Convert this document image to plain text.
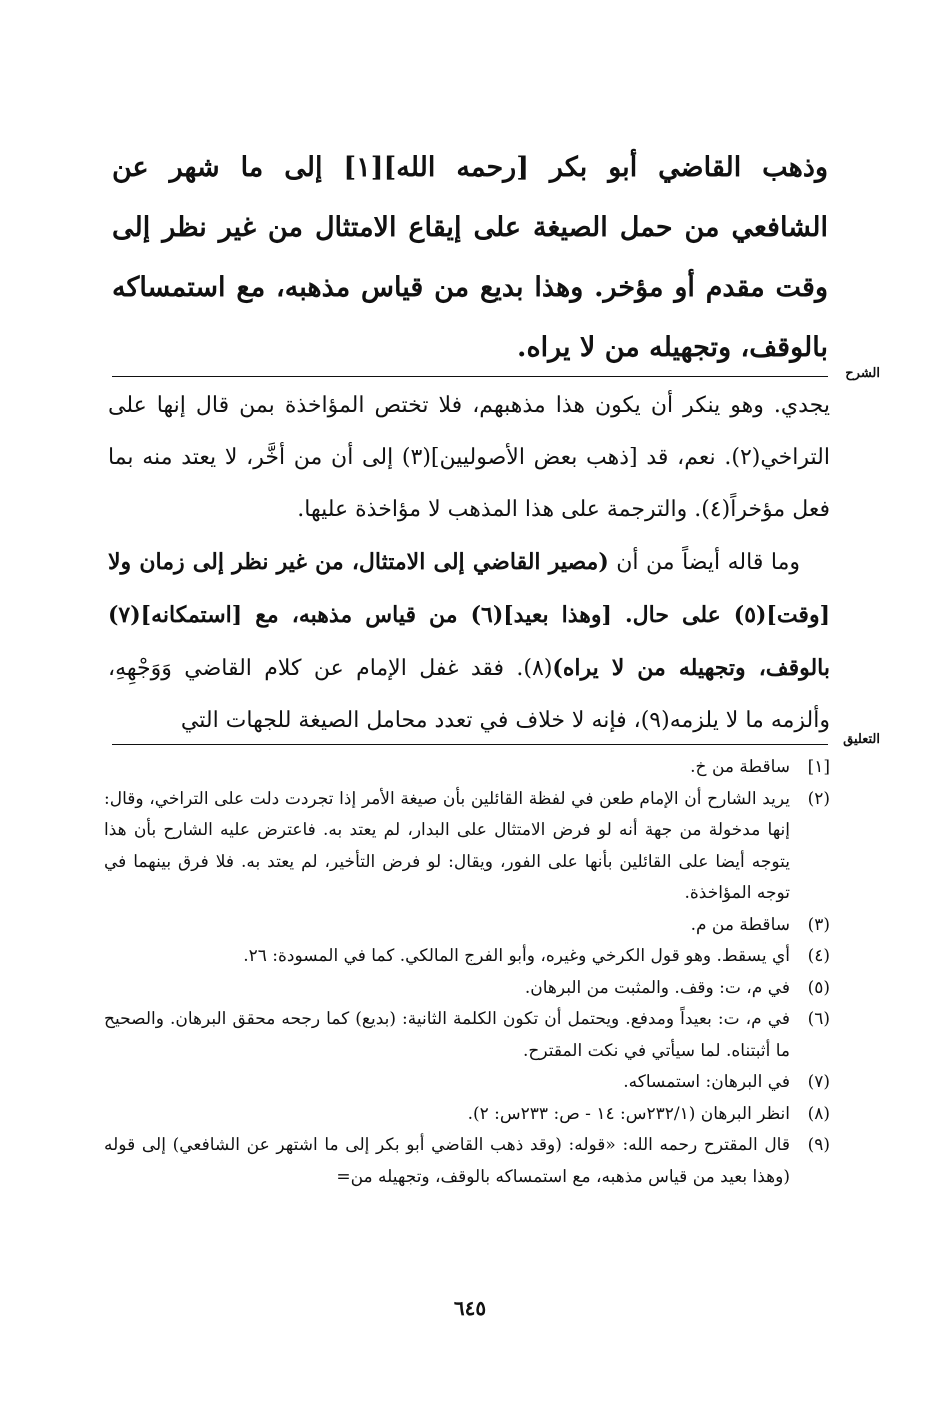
وذهب القاضي أبو بكر [رحمه الله][١] إلى ما شهر عن الشافعي من حمل الصيغة على إيقاع الامتثال من غير نظر إلى وقت مقدم أو مؤخر. وهذا بديع من قياس مذهبه، مع استمساكه بالوقف، وتجهيله من لا يراه.
الشرح

يجدي. وهو ينكر أن يكون هذا مذهبهم، فلا تختص المؤاخذة بمن قال إنها على التراخي(٢). نعم، قد [ذهب بعض الأصوليين](٣) إلى أن من أخَّر، لا يعتد منه بما فعل مؤخراً(٤). والترجمة على هذا المذهب لا مؤاخذة عليها.

وما قاله أيضاً من أن (مصير القاضي إلى الامتثال، من غير نظر إلى زمان ولا [وقت](٥) على حال. [وهذا بعيد](٦) من قياس مذهبه، مع [استمكانه](٧) بالوقف، وتجهيله من لا يراه)(٨). فقد غفل الإمام عن كلام القاضي وَوَجْهِهِ، وألزمه ما لا يلزمه(٩)، فإنه لا خلاف في تعدد محامل الصيغة للجهات التي

التعليق
[١]
ساقطة من خ.
(٢)
يريد الشارح أن الإمام طعن في لفظة القائلين بأن صيغة الأمر إذا تجردت دلت على التراخي، وقال: إنها مدخولة من جهة أنه لو فرض الامتثال على البدار، لم يعتد به. فاعترض عليه الشارح بأن هذا يتوجه أيضا على القائلين بأنها على الفور، ويقال: لو فرض التأخير، لم يعتد به. فلا فرق بينهما في توجه المؤاخذة.
(٣)
ساقطة من م.
(٤)
أي يسقط. وهو قول الكرخي وغيره، وأبو الفرج المالكي. كما في المسودة: ٢٦.
(٥)
في م، ت: وقف. والمثبت من البرهان.
(٦)
في م، ت: بعيداً ومدفع. ويحتمل أن تكون الكلمة الثانية: (بديع) كما رجحه محقق البرهان. والصحيح ما أثبتناه. لما سيأتي في نكت المقترح.
(٧)
في البرهان: استمساكه.
(٨)
انظر البرهان (٢٣٢/١س: ١٤ - ص: ٢٣٣س: ٢).
(٩)
قال المقترح رحمه الله: «قوله: (وقد ذهب القاضي أبو بكر إلى ما اشتهر عن الشافعي) إلى قوله (وهذا بعيد من قياس مذهبه، مع استمساكه بالوقف، وتجهيله من=
٦٤٥
